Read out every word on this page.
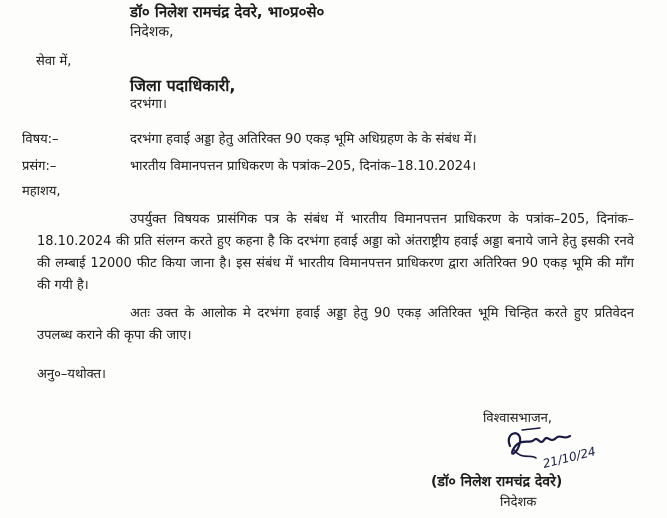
डॉ० निलेश रामचंद्र देवरे, भा०प्र०से०
निदेशक,
सेवा में,
जिला पदाधिकारी,
दरभंगा।
विषय:–	दरभंगा हवाई अड्डा हेतु अतिरिक्त 90 एकड़ भूमि अधिग्रहण के के संबंध में।
प्रसंग:–	भारतीय विमानपत्तन प्राधिकरण के पत्रांक–205, दिनांक–18.10.2024।
महाशय,
उपर्युक्त विषयक प्रासंगिक पत्र के संबंध में भारतीय विमानपत्तन प्राधिकरण के पत्रांक–205, दिनांक–18.10.2024 की प्रति संलग्न करते हुए कहना है कि दरभंगा हवाई अड्डा को अंतराष्ट्रीय हवाई अड्डा बनाये जाने हेतु इसकी रनवे की लम्बाई 12000 फीट किया जाना है। इस संबंध में भारतीय विमानपत्तन प्राधिकरण द्वारा अतिरिक्त 90 एकड़ भूमि की माँग की गयी है।
अतः उक्त के आलोक मे दरभंगा हवाई अड्डा हेतु 90 एकड़ अतिरिक्त भूमि चिन्हित करते हुए प्रतिवेदन उपलब्ध कराने की कृपा की जाए।
अनु०–यथोक्त।
विश्वासभाजन,
21/10/24
(डॉ० निलेश रामचंद्र देवरे)
निदेशक
